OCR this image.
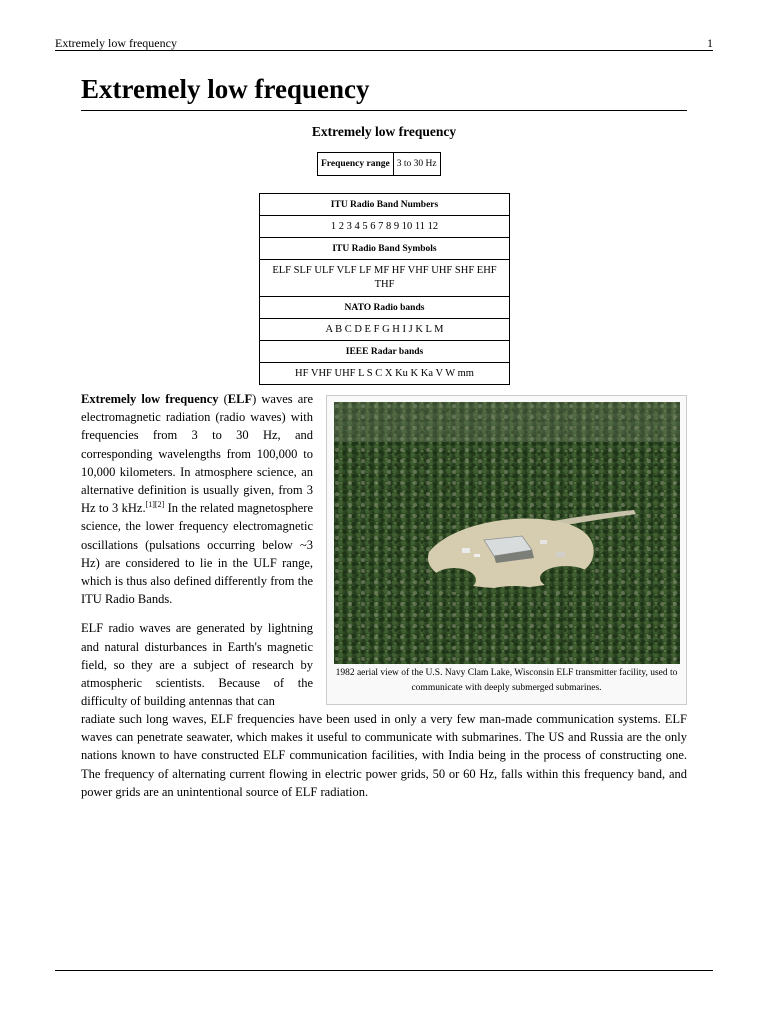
Extremely low frequency	1
Extremely low frequency
Extremely low frequency
Frequency range	3 to 30 Hz
ITU Radio Band Numbers
1 2 3 4 5 6 7 8 9 10 11 12
ITU Radio Band Symbols
ELF SLF ULF VLF LF MF HF VHF UHF SHF EHF THF
NATO Radio bands
A B C D E F G H I J K L M
IEEE Radar bands
HF VHF UHF L S C X Ku K Ka V W mm
1982 aerial view of the U.S. Navy Clam Lake, Wisconsin ELF transmitter facility, used to communicate with deeply submerged submarines.

Extremely low frequency (ELF) waves are electromagnetic radiation (radio waves) with frequencies from 3 to 30 Hz, and corresponding wavelengths from 100,000 to 10,000 kilometers. In atmosphere science, an alternative definition is usually given, from 3 Hz to 3 kHz.[1][2] In the related magnetosphere science, the lower frequency electromagnetic oscillations (pulsations occurring below ~3 Hz) are considered to lie in the ULF range, which is thus also defined differently from the ITU Radio Bands.

ELF radio waves are generated by lightning and natural disturbances in Earth's magnetic field, so they are a subject of research by atmospheric scientists. Because of the difficulty of building antennas that can

radiate such long waves, ELF frequencies have been used in only a very few man-made communication systems. ELF waves can penetrate seawater, which makes it useful to communicate with submarines. The US and Russia are the only nations known to have constructed ELF communication facilities, with India being in the process of constructing one. The frequency of alternating current flowing in electric power grids, 50 or 60 Hz, falls within this frequency band, and power grids are an unintentional source of ELF radiation.
